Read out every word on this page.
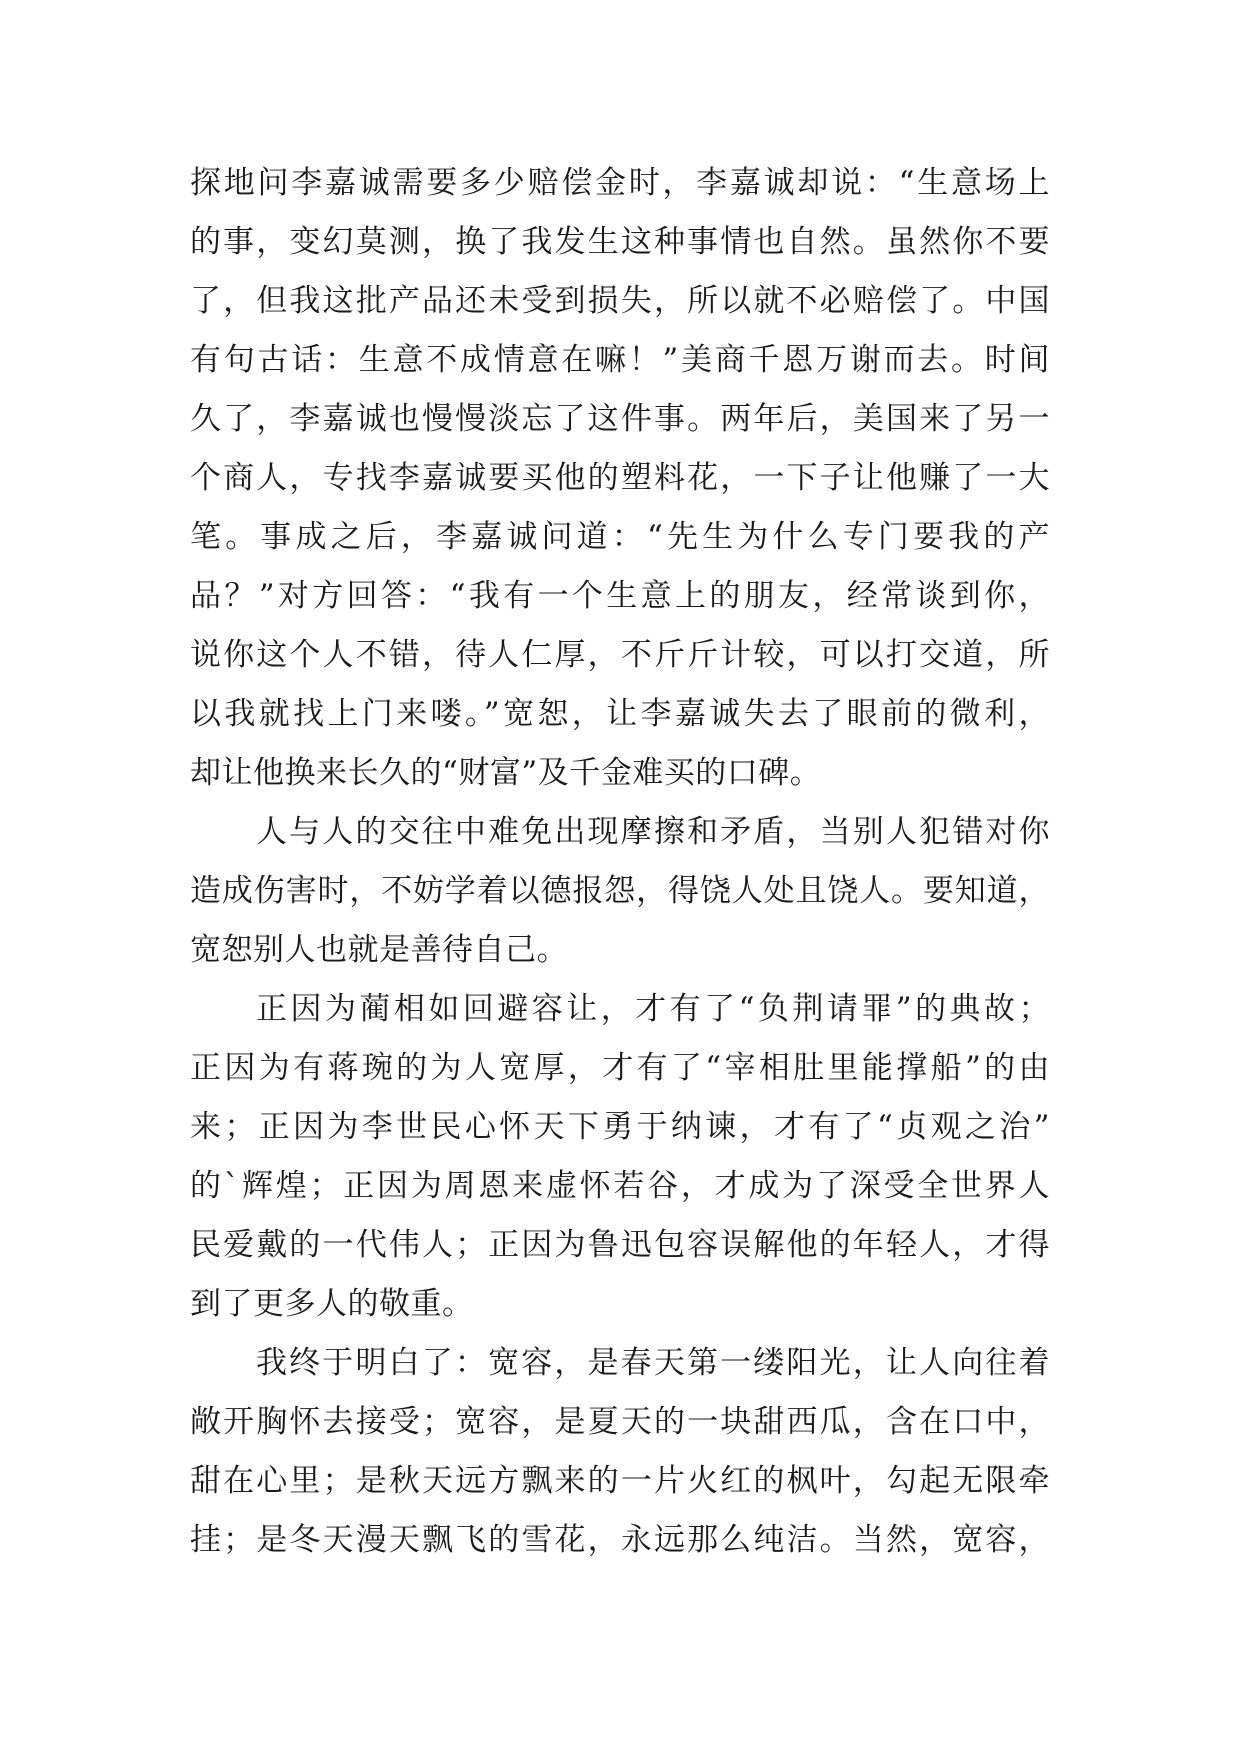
探地问李嘉诚需要多少赔偿金时，李嘉诚却说：“生意场上
的事，变幻莫测，换了我发生这种事情也自然。虽然你不要
了，但我这批产品还未受到损失，所以就不必赔偿了。中国
有句古话：生意不成情意在嘛！”美商千恩万谢而去。时间
久了，李嘉诚也慢慢淡忘了这件事。两年后，美国来了另一
个商人，专找李嘉诚要买他的塑料花，一下子让他赚了一大
笔。事成之后，李嘉诚问道：“先生为什么专门要我的产
品？”对方回答：“我有一个生意上的朋友，经常谈到你，
说你这个人不错，待人仁厚，不斤斤计较，可以打交道，所
以我就找上门来喽。”宽恕，让李嘉诚失去了眼前的微利，
却让他换来长久的“财富”及千金难买的口碑。
人与人的交往中难免出现摩擦和矛盾，当别人犯错对你
造成伤害时，不妨学着以德报怨，得饶人处且饶人。要知道，
宽恕别人也就是善待自己。
正因为蔺相如回避容让，才有了“负荆请罪”的典故；
正因为有蒋琬的为人宽厚，才有了“宰相肚里能撑船”的由
来；正因为李世民心怀天下勇于纳谏，才有了“贞观之治”
的`辉煌；正因为周恩来虚怀若谷，才成为了深受全世界人
民爱戴的一代伟人；正因为鲁迅包容误解他的年轻人，才得
到了更多人的敬重。
我终于明白了：宽容，是春天第一缕阳光，让人向往着
敞开胸怀去接受；宽容，是夏天的一块甜西瓜，含在口中，
甜在心里；是秋天远方飘来的一片火红的枫叶，勾起无限牵
挂；是冬天漫天飘飞的雪花，永远那么纯洁。当然，宽容，
